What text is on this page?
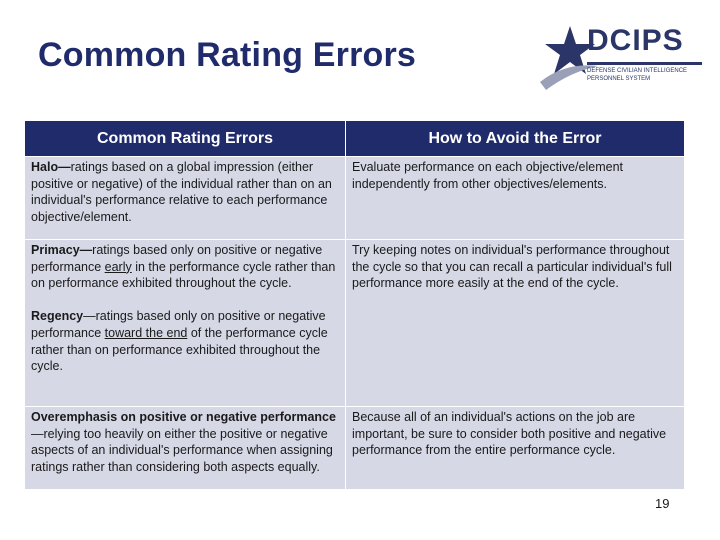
Common Rating Errors	DCIPS
DEFENSE CIVILIAN INTELLIGENCE
PERSONNEL SYSTEM
Common Rating Errors	How to Avoid the Error
Halo—ratings based on a global impression (either positive or negative) of the individual rather than on an individual's performance relative to each performance objective/element.	Evaluate performance on each objective/element independently from other objectives/elements.

Primacy—ratings based only on positive or negative performance early in the performance cycle rather than on performance exhibited throughout the cycle.
Regency—ratings based only on positive or negative performance toward the end of the performance cycle rather than on performance exhibited throughout the cycle.	Try keeping notes on individual's performance throughout the cycle so that you can recall a particular individual's full performance more easily at the end of the cycle.
Overemphasis on positive or negative performance—relying too heavily on either the positive or negative aspects of an individual's performance when assigning ratings rather than considering both aspects equally.	Because all of an individual's actions on the job are important, be sure to consider both positive and negative performance from the entire performance cycle.
19
